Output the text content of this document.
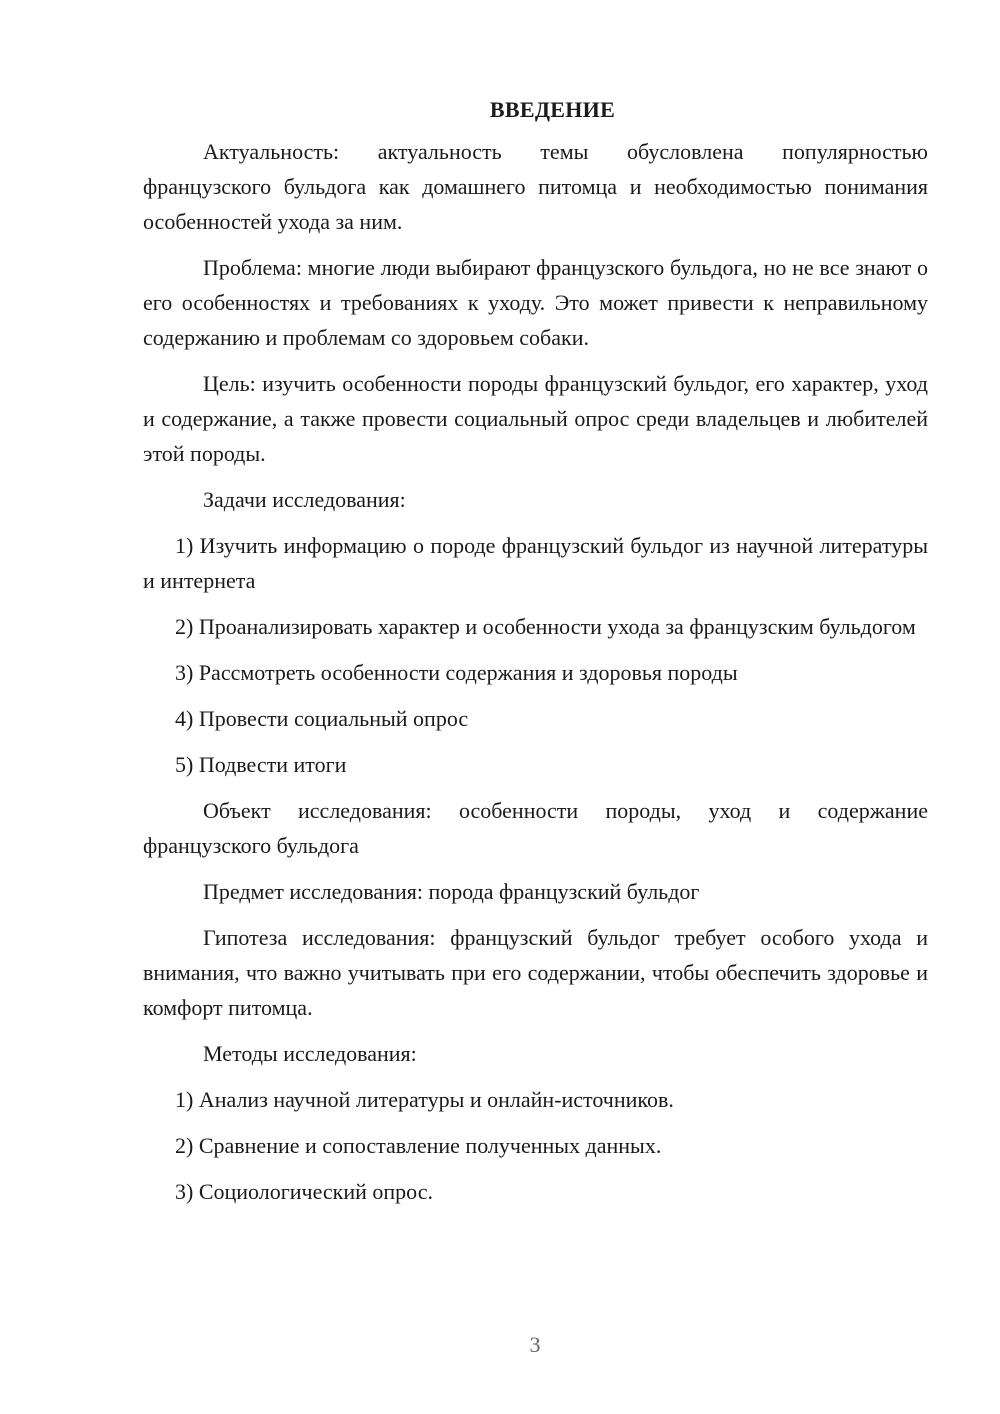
ВВЕДЕНИЕ

Актуальность: актуальность темы обусловлена популярностью французского бульдога как домашнего питомца и необходимостью понимания особенностей ухода за ним.

Проблема: многие люди выбирают французского бульдога, но не все знают о его особенностях и требованиях к уходу. Это может привести к неправильному содержанию и проблемам со здоровьем собаки.

Цель: изучить особенности породы французский бульдог, его характер, уход и содержание, а также провести социальный опрос среди владельцев и любителей этой породы.

Задачи исследования:

1) Изучить информацию о породе французский бульдог из научной литературы и интернета

2) Проанализировать характер и особенности ухода за французским бульдогом

3) Рассмотреть особенности содержания и здоровья породы

4) Провести социальный опрос

5) Подвести итоги

Объект исследования: особенности породы, уход и содержание французского бульдога

Предмет исследования: порода французский бульдог

Гипотеза исследования: французский бульдог требует особого ухода и внимания, что важно учитывать при его содержании, чтобы обеспечить здоровье и комфорт питомца.

Методы исследования:

1) Анализ научной литературы и онлайн-источников.

2) Сравнение и сопоставление полученных данных.

3) Социологический опрос.

3
